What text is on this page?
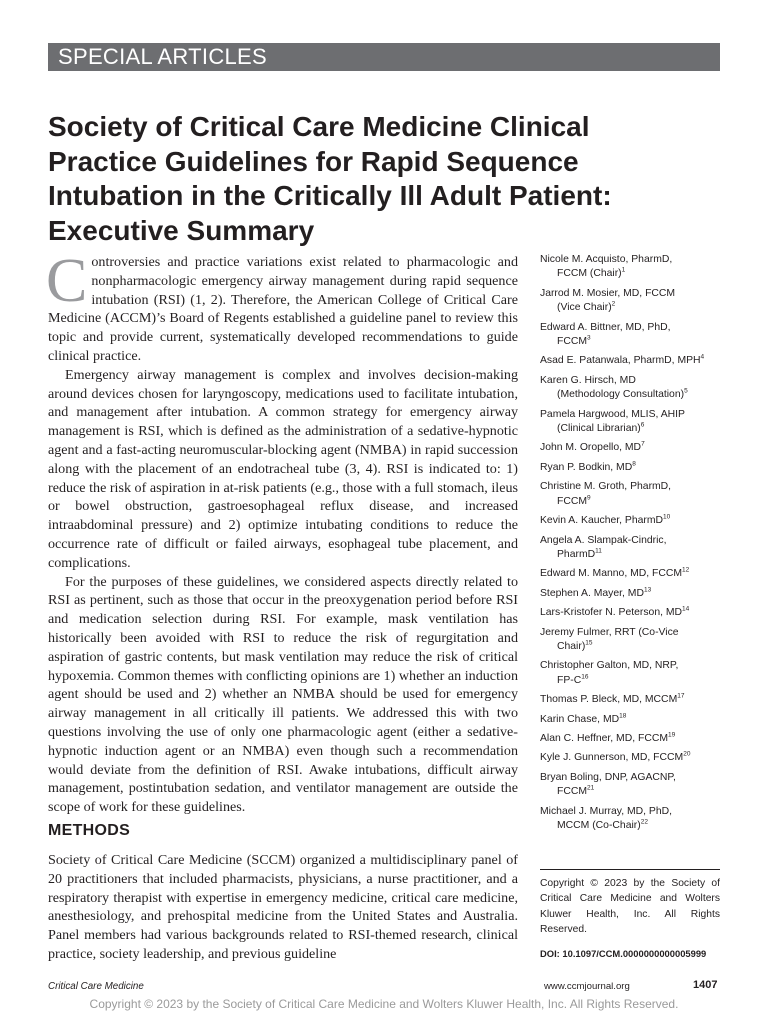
SPECIAL ARTICLES
Society of Critical Care Medicine Clinical Practice Guidelines for Rapid Sequence Intubation in the Critically Ill Adult Patient: Executive Summary

Controversies and practice variations exist related to pharmacologic and nonpharmacologic emergency airway management during rapid sequence intubation (RSI) (1, 2). Therefore, the American College of Critical Care Medicine (ACCM)’s Board of Regents established a guideline panel to review this topic and provide current, systematically developed recommendations to guide clinical practice.

Emergency airway management is complex and involves decision-making around devices chosen for laryngoscopy, medications used to facilitate intubation, and management after intubation. A common strategy for emergency airway management is RSI, which is defined as the administration of a sedative-hypnotic agent and a fast-acting neuromuscular-blocking agent (NMBA) in rapid succession along with the placement of an endotracheal tube (3, 4). RSI is indicated to: 1) reduce the risk of aspiration in at-risk patients (e.g., those with a full stomach, ileus or bowel obstruction, gastroesophageal reflux disease, and increased intraabdominal pressure) and 2) optimize intubating conditions to reduce the occurrence rate of difficult or failed airways, esophageal tube placement, and complications.

For the purposes of these guidelines, we considered aspects directly related to RSI as pertinent, such as those that occur in the preoxygenation period before RSI and medication selection during RSI. For example, mask ventilation has historically been avoided with RSI to reduce the risk of regurgitation and aspiration of gastric contents, but mask ventilation may reduce the risk of critical hypoxemia. Common themes with conflicting opinions are 1) whether an induction agent should be used and 2) whether an NMBA should be used for emergency airway management in all critically ill patients. We addressed this with two questions involving the use of only one pharmacologic agent (either a sedative-hypnotic induction agent or an NMBA) even though such a recommendation would deviate from the definition of RSI. Awake intubations, difficult airway management, postintubation sedation, and ventilator management are outside the scope of work for these guidelines.

METHODS

Society of Critical Care Medicine (SCCM) organized a multidisciplinary panel of 20 practitioners that included pharmacists, physicians, a nurse practitioner, and a respiratory therapist with expertise in emergency medicine, critical care medicine, anesthesiology, and prehospital medicine from the United States and Australia. Panel members had various backgrounds related to RSI-themed research, clinical practice, society leadership, and previous guideline

Nicole M. Acquisto, PharmD,
FCCM (Chair)$^1$

Jarrod M. Mosier, MD, FCCM
(Vice Chair)$^2$

Edward A. Bittner, MD, PhD,
FCCM$^3$

Asad E. Patanwala, PharmD, MPH$^4$

Karen G. Hirsch, MD
(Methodology Consultation)$^5$

Pamela Hargwood, MLIS, AHIP
(Clinical Librarian)$^6$

John M. Oropello, $MD^7$

Ryan P. Bodkin, $MD^8$

Christine M. Groth, PharmD,
FCCM$^9$

Kevin A. Kaucher, PharmD$^{10}$

Angela A. Slampak-Cindric,
PharmD$^{11}$

Edward M. Manno, MD, FCCM$^{12}$

Stephen A. Mayer, MD$^{13}$

Lars-Kristofer N. Peterson, MD$^{14}$

Jeremy Fulmer, RRT (Co-Vice
Chair)$^{15}$

Christopher Galton, MD, NRP,
$FP-C^{16}$

Thomas P. Bleck, MD, MCCM$^{17}$

Karin Chase, MD$^{18}$

Alan C. Heffner, MD, FCCM$^{19}$

Kyle J. Gunnerson, MD, FCCM$^{20}$

Bryan Boling, DNP, AGACNP,
FCCM$^{21}$

Michael J. Murray, MD, PhD,
MCCM (Co-Chair)$^{22}$

Copyright © 2023 by the Society of Critical Care Medicine and Wolters Kluwer Health, Inc. All Rights Reserved.
DOI: 10.1097/CCM.0000000000005999
Critical Care Medicine	www.ccmjournal.org	1407
Copyright © 2023 by the Society of Critical Care Medicine and Wolters Kluwer Health, Inc. All Rights Reserved.
